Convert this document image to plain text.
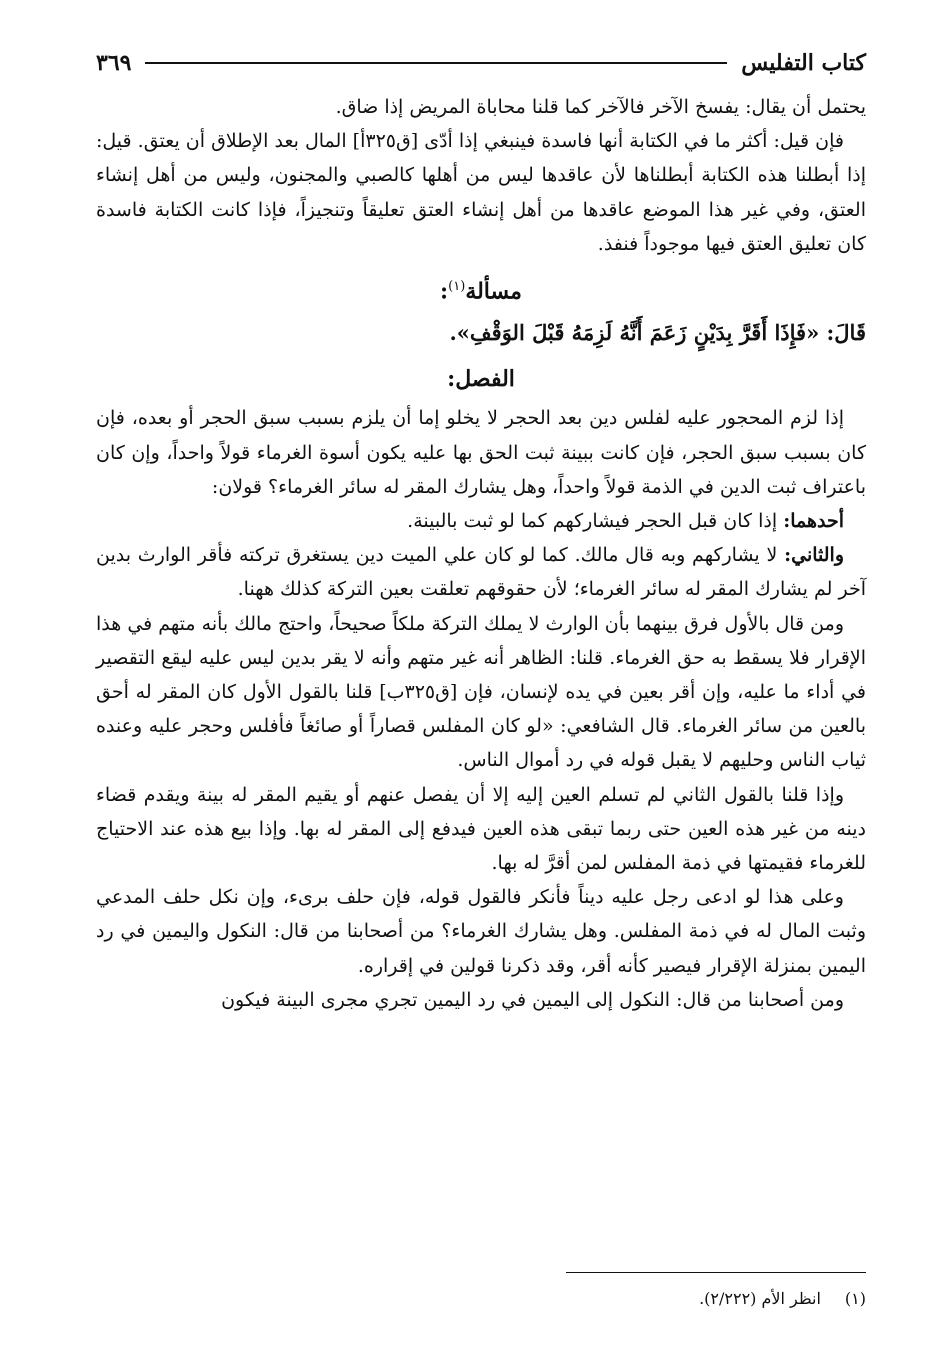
كتاب التفليس
٣٦٩

يحتمل أن يقال: يفسخ الآخر فالآخر كما قلنا محاباة المريض إذا ضاق.

فإن قيل: أكثر ما في الكتابة أنها فاسدة فينبغي إذا أدّى [ق٣٢٥أ] المال بعد الإطلاق أن يعتق. قيل: إذا أبطلنا هذه الكتابة أبطلناها لأن عاقدها ليس من أهلها كالصبي والمجنون، وليس من أهل إنشاء العتق، وفي غير هذا الموضع عاقدها من أهل إنشاء العتق تعليقاً وتنجيزاً، فإذا كانت الكتابة فاسدة كان تعليق العتق فيها موجوداً فنفذ.

مسألة$^{(١)}$:
قَالَ: «فَإِذَا أَقَرَّ بِدَيْنٍ زَعَمَ أَنَّهُ لَزِمَهُ قَبْلَ الوَقْفِ».
الفصل:

إذا لزم المحجور عليه لفلس دين بعد الحجر لا يخلو إما أن يلزم بسبب سبق الحجر أو بعده، فإن كان بسبب سبق الحجر، فإن كانت ببينة ثبت الحق بها عليه يكون أسوة الغرماء قولاً واحداً، وإن كان باعتراف ثبت الدين في الذمة قولاً واحداً، وهل يشارك المقر له سائر الغرماء؟ قولان:

أحدهما: إذا كان قبل الحجر فيشاركهم كما لو ثبت بالبينة.

والثاني: لا يشاركهم وبه قال مالك. كما لو كان علي الميت دين يستغرق تركته فأقر الوارث بدين آخر لم يشارك المقر له سائر الغرماء؛ لأن حقوقهم تعلقت بعين التركة كذلك ههنا.

ومن قال بالأول فرق بينهما بأن الوارث لا يملك التركة ملكاً صحيحاً، واحتج مالك بأنه متهم في هذا الإقرار فلا يسقط به حق الغرماء. قلنا: الظاهر أنه غير متهم وأنه لا يقر بدين ليس عليه ليقع التقصير في أداء ما عليه، وإن أقر بعين في يده لإنسان، فإن [ق٣٢٥ب] قلنا بالقول الأول كان المقر له أحق بالعين من سائر الغرماء. قال الشافعي: «لو كان المفلس قصاراً أو صائغاً فأفلس وحجر عليه وعنده ثياب الناس وحليهم لا يقبل قوله في رد أموال الناس.

وإذا قلنا بالقول الثاني لم تسلم العين إليه إلا أن يفصل عنهم أو يقيم المقر له بينة ويقدم قضاء دينه من غير هذه العين حتى ربما تبقى هذه العين فيدفع إلى المقر له بها. وإذا بيع هذه عند الاحتياج للغرماء فقيمتها في ذمة المفلس لمن أقرَّ له بها.

وعلى هذا لو ادعى رجل عليه ديناً فأنكر فالقول قوله، فإن حلف برىء، وإن نكل حلف المدعي وثبت المال له في ذمة المفلس. وهل يشارك الغرماء؟ من أصحابنا من قال: النكول واليمين في رد اليمين بمنزلة الإقرار فيصير كأنه أقر، وقد ذكرنا قولين في إقراره.

ومن أصحابنا من قال: النكول إلى اليمين في رد اليمين تجري مجرى البينة فيكون

(١) انظر الأم (٢/٢٢٢).
